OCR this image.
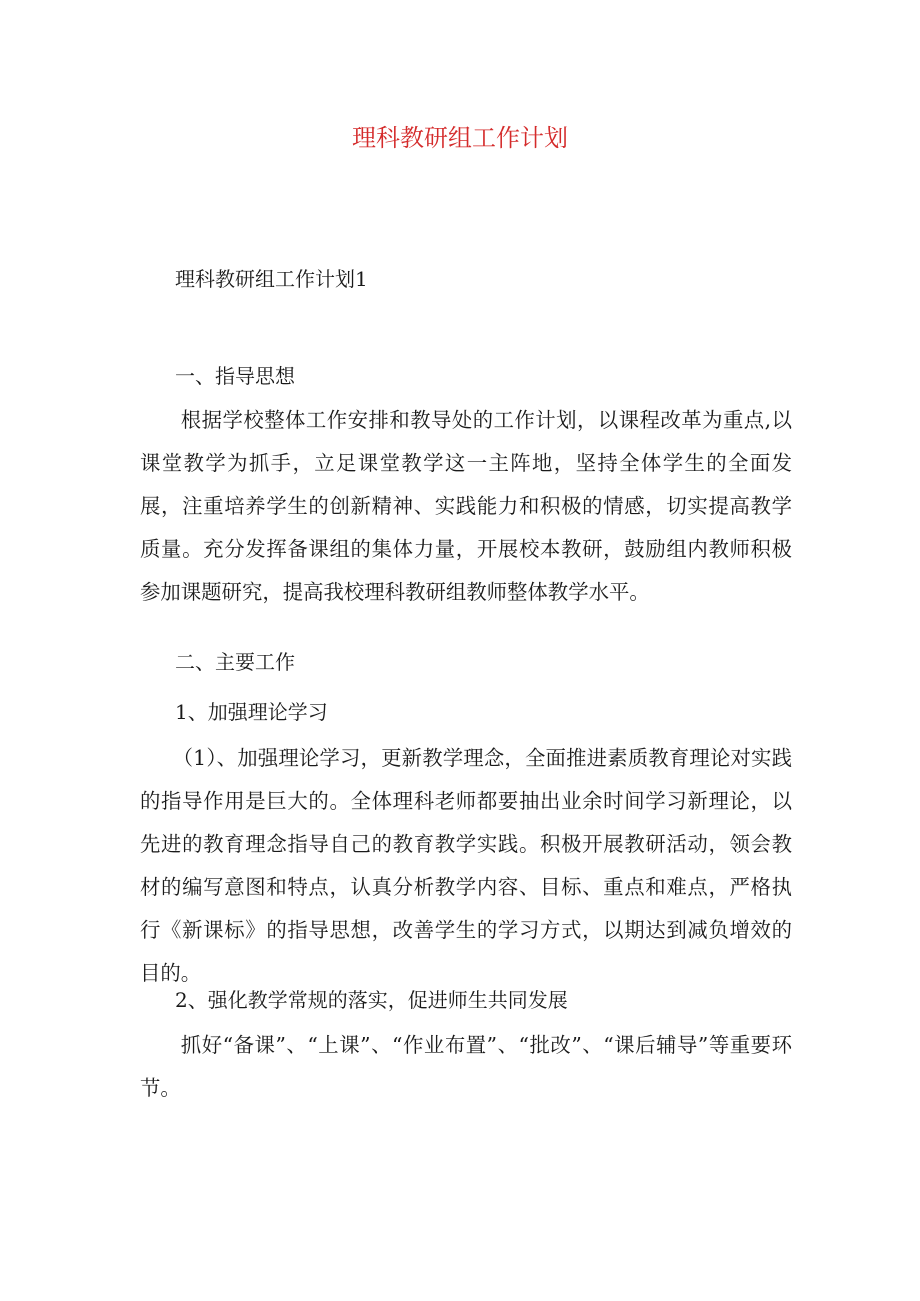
理科教研组工作计划
理科教研组工作计划1
一、指导思想
根据学校整体工作安排和教导处的工作计划，以课程改革为重点,以课堂教学为抓手，立足课堂教学这一主阵地，坚持全体学生的全面发展，注重培养学生的创新精神、实践能力和积极的情感，切实提高教学质量。充分发挥备课组的集体力量，开展校本教研，鼓励组内教师积极参加课题研究，提高我校理科教研组教师整体教学水平。
二、主要工作
1、加强理论学习
（1）、加强理论学习，更新教学理念，全面推进素质教育理论对实践的指导作用是巨大的。全体理科老师都要抽出业余时间学习新理论，以先进的教育理念指导自己的教育教学实践。积极开展教研活动，领会教材的编写意图和特点，认真分析教学内容、目标、重点和难点，严格执行《新课标》的指导思想，改善学生的学习方式，以期达到减负增效的目的。
2、强化教学常规的落实，促进师生共同发展
抓好“备课”、“上课”、“作业布置”、“批改”、“课后辅导”等重要环节。
